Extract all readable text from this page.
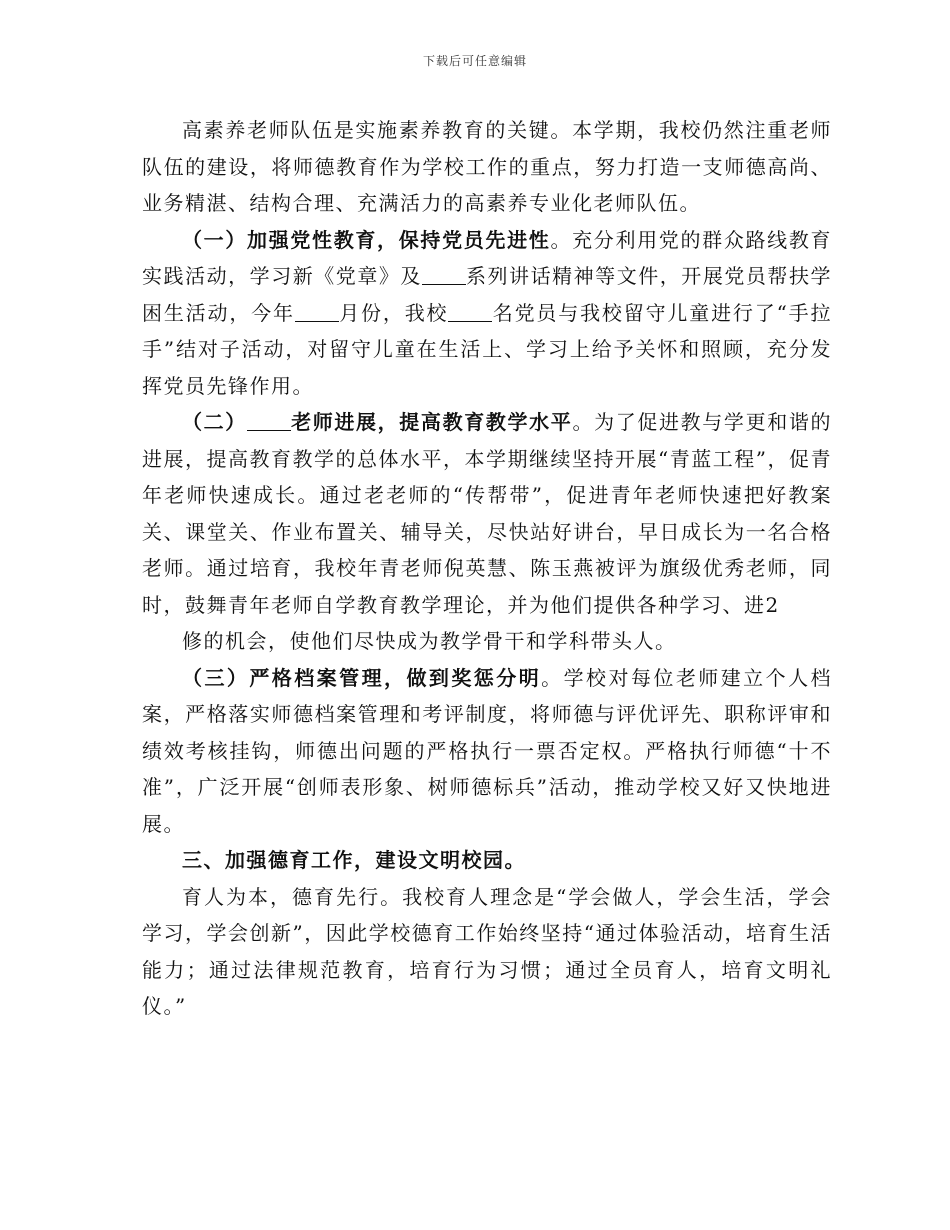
下载后可任意编辑

高素养老师队伍是实施素养教育的关键。本学期，我校仍然注重老师队伍的建设，将师德教育作为学校工作的重点，努力打造一支师德高尚、业务精湛、结构合理、充满活力的高素养专业化老师队伍。

（一）加强党性教育，保持党员先进性。充分利用党的群众路线教育实践活动，学习新《党章》及 系列讲话精神等文件，开展党员帮扶学困生活动，今年 月份，我校 名党员与我校留守儿童进行了“手拉手”结对子活动，对留守儿童在生活上、学习上给予关怀和照顾，充分发挥党员先锋作用。

（二） 老师进展，提高教育教学水平。为了促进教与学更和谐的进展，提高教育教学的总体水平，本学期继续坚持开展“青蓝工程”，促青年老师快速成长。通过老老师的“传帮带”，促进青年老师快速把好教案关、课堂关、作业布置关、辅导关，尽快站好讲台，早日成长为一名合格老师。通过培育，我校年青老师倪英慧、陈玉燕被评为旗级优秀老师，同时，鼓舞青年老师自学教育教学理论，并为他们提供各种学习、进2

修的机会，使他们尽快成为教学骨干和学科带头人。

（三）严格档案管理，做到奖惩分明。学校对每位老师建立个人档案，严格落实师德档案管理和考评制度，将师德与评优评先、职称评审和绩效考核挂钩，师德出问题的严格执行一票否定权。严格执行师德“十不准”，广泛开展“创师表形象、树师德标兵”活动，推动学校又好又快地进展。

三、加强德育工作，建设文明校园。

育人为本，德育先行。我校育人理念是“学会做人，学会生活，学会学习，学会创新”，因此学校德育工作始终坚持“通过体验活动，培育生活能力；通过法律规范教育，培育行为习惯；通过全员育人，培育文明礼仪。”
